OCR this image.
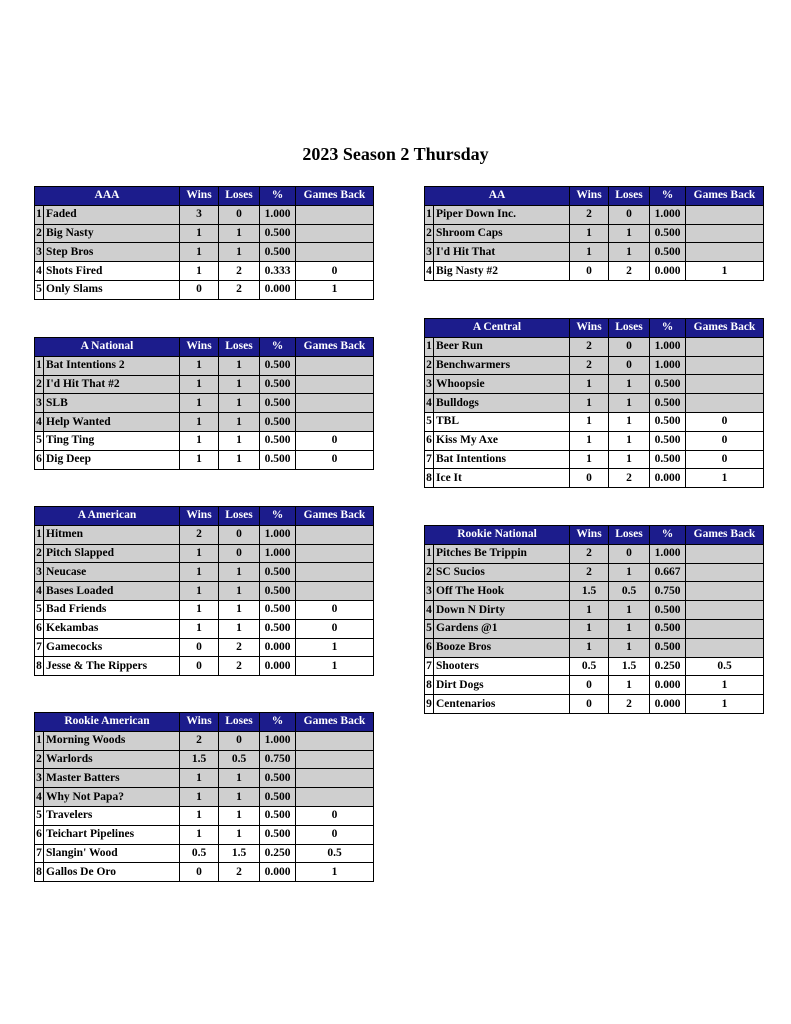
2023 Season 2 Thursday
AAA		Wins	Loses	%	Games Back
1	Faded	3	0	1.000	
2	Big Nasty	1	1	0.500	
3	Step Bros	1	1	0.500	
4	Shots Fired	1	2	0.333	0
5	Only Slams	0	2	0.000	1
AA		Wins	Loses	%	Games Back
1	Piper Down Inc.	2	0	1.000	
2	Shroom Caps	1	1	0.500	
3	I'd Hit That	1	1	0.500	
4	Big Nasty #2	0	2	0.000	1
A National		Wins	Loses	%	Games Back
1	Bat Intentions 2	1	1	0.500	
2	I'd Hit That #2	1	1	0.500	
3	SLB	1	1	0.500	
4	Help Wanted	1	1	0.500	
5	Ting Ting	1	1	0.500	0
6	Dig Deep	1	1	0.500	0
A Central		Wins	Loses	%	Games Back
1	Beer Run	2	0	1.000	
2	Benchwarmers	2	0	1.000	
3	Whoopsie	1	1	0.500	
4	Bulldogs	1	1	0.500	
5	TBL	1	1	0.500	0
6	Kiss My Axe	1	1	0.500	0
7	Bat Intentions	1	1	0.500	0
8	Ice It	0	2	0.000	1
A American		Wins	Loses	%	Games Back
1	Hitmen	2	0	1.000	
2	Pitch Slapped	1	0	1.000	
3	Neucase	1	1	0.500	
4	Bases Loaded	1	1	0.500	
5	Bad Friends	1	1	0.500	0
6	Kekambas	1	1	0.500	0
7	Gamecocks	0	2	0.000	1
8	Jesse & The Rippers	0	2	0.000	1
Rookie National		Wins	Loses	%	Games Back
1	Pitches Be Trippin	2	0	1.000	
2	SC Sucios	2	1	0.667	
3	Off The Hook	1.5	0.5	0.750	
4	Down N Dirty	1	1	0.500	
5	Gardens @1	1	1	0.500	
6	Booze Bros	1	1	0.500	
7	Shooters	0.5	1.5	0.250	0.5
8	Dirt Dogs	0	1	0.000	1
9	Centenarios	0	2	0.000	1
Rookie American		Wins	Loses	%	Games Back
1	Morning Woods	2	0	1.000	
2	Warlords	1.5	0.5	0.750	
3	Master Batters	1	1	0.500	
4	Why Not Papa?	1	1	0.500	
5	Travelers	1	1	0.500	0
6	Teichart Pipelines	1	1	0.500	0
7	Slangin' Wood	0.5	1.5	0.250	0.5
8	Gallos De Oro	0	2	0.000	1
